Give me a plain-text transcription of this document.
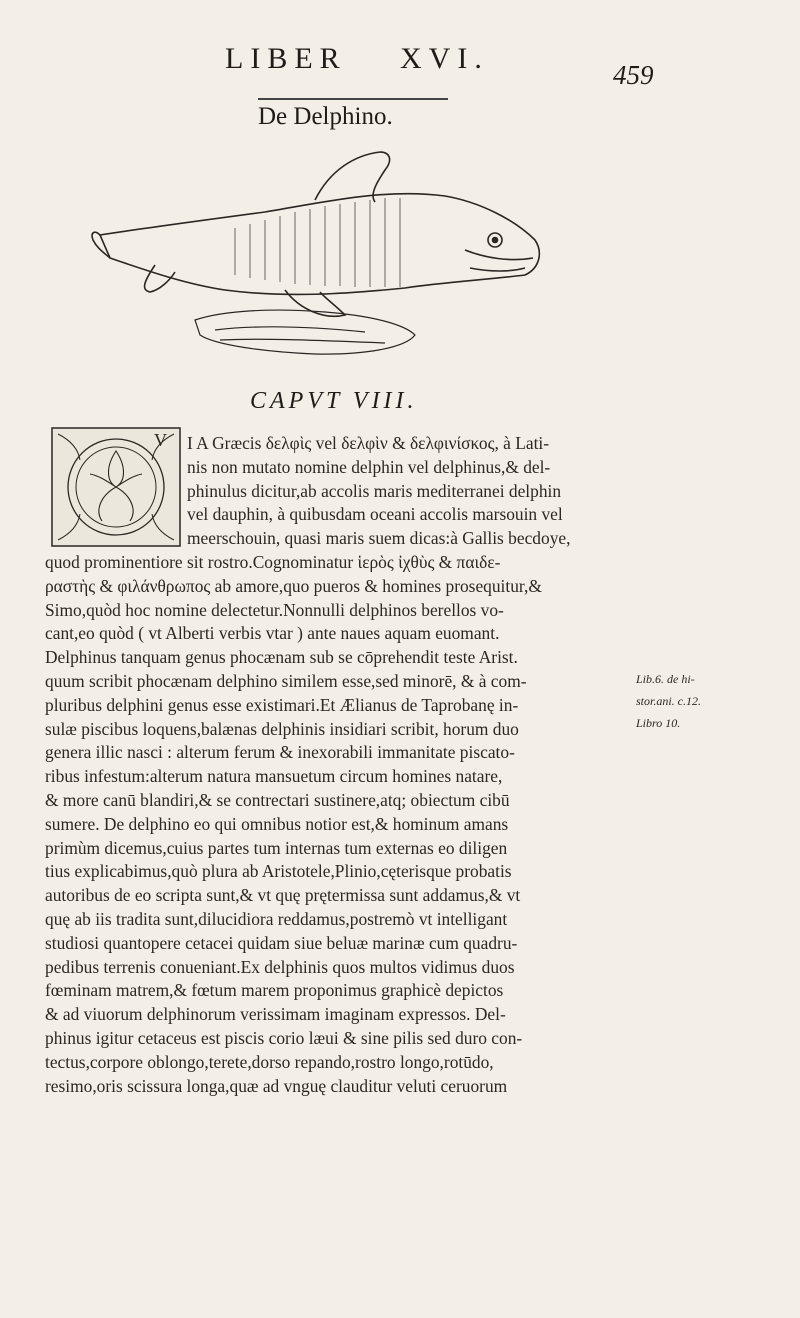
LIBER XVI.	459
De Delphino.
CAPVT VIII.
V	I A Græcis δελφὶς vel δελφὶν & δελφινίσκος, à Lati-
nis non mutato nomine delphin vel delphinus,& del-
phinulus dicitur,ab accolis maris mediterranei delphin
vel dauphin, à quibusdam oceani accolis marsouin vel
meerschouin, quasi maris suem dicas:à Gallis becdoye,
quod prominentiore sit rostro.Cognominatur ἱερὸς ἰχθὺς & παιδε-
ραστὴς & φιλάνθρωπος ab amore,quo pueros & homines prosequitur,&
Simo,quòd hoc nomine delectetur.Nonnulli delphinos berellos vo-
cant,eo quòd ( vt Alberti verbis vtar ) ante naues aquam euomant.
Delphinus tanquam genus phocænam sub se cōprehendit teste Arist.
quum scribit phocænam delphino similem esse,sed minorē, & à com-
pluribus delphini genus esse existimari.Et Ælianus de Taprobanę in-
sulæ piscibus loquens,balænas delphinis insidiari scribit, horum duo
genera illic nasci : alterum ferum & inexorabili immanitate piscato-
ribus infestum:alterum natura mansuetum circum homines natare,
& more canū blandiri,& se contrectari sustinere,atq; obiectum cibū
sumere. De delphino eo qui omnibus notior est,& hominum amans
primùm dicemus,cuius partes tum internas tum externas eo diligen
tius explicabimus,quò plura ab Aristotele,Plinio,cęterisque probatis
autoribus de eo scripta sunt,& vt quę prętermissa sunt addamus,& vt
quę ab iis tradita sunt,dilucidiora reddamus,postremò vt intelligant
studiosi quantopere cetacei quidam siue beluæ marinæ cum quadru-
pedibus terrenis conueniant.Ex delphinis quos multos vidimus duos
fœminam matrem,& fœtum marem proponimus graphicè depictos
& ad viuorum delphinorum verissimam imaginam expressos. Del-
phinus igitur cetaceus est piscis corio læui & sine pilis sed duro con-
tectus,corpore oblongo,terete,dorso repando,rostro longo,rotūdo,
resimo,oris scissura longa,quæ ad vnguę clauditur veluti ceruorum
Lib.6. de hi-
stor.ani. c.12.
Libro 10.
